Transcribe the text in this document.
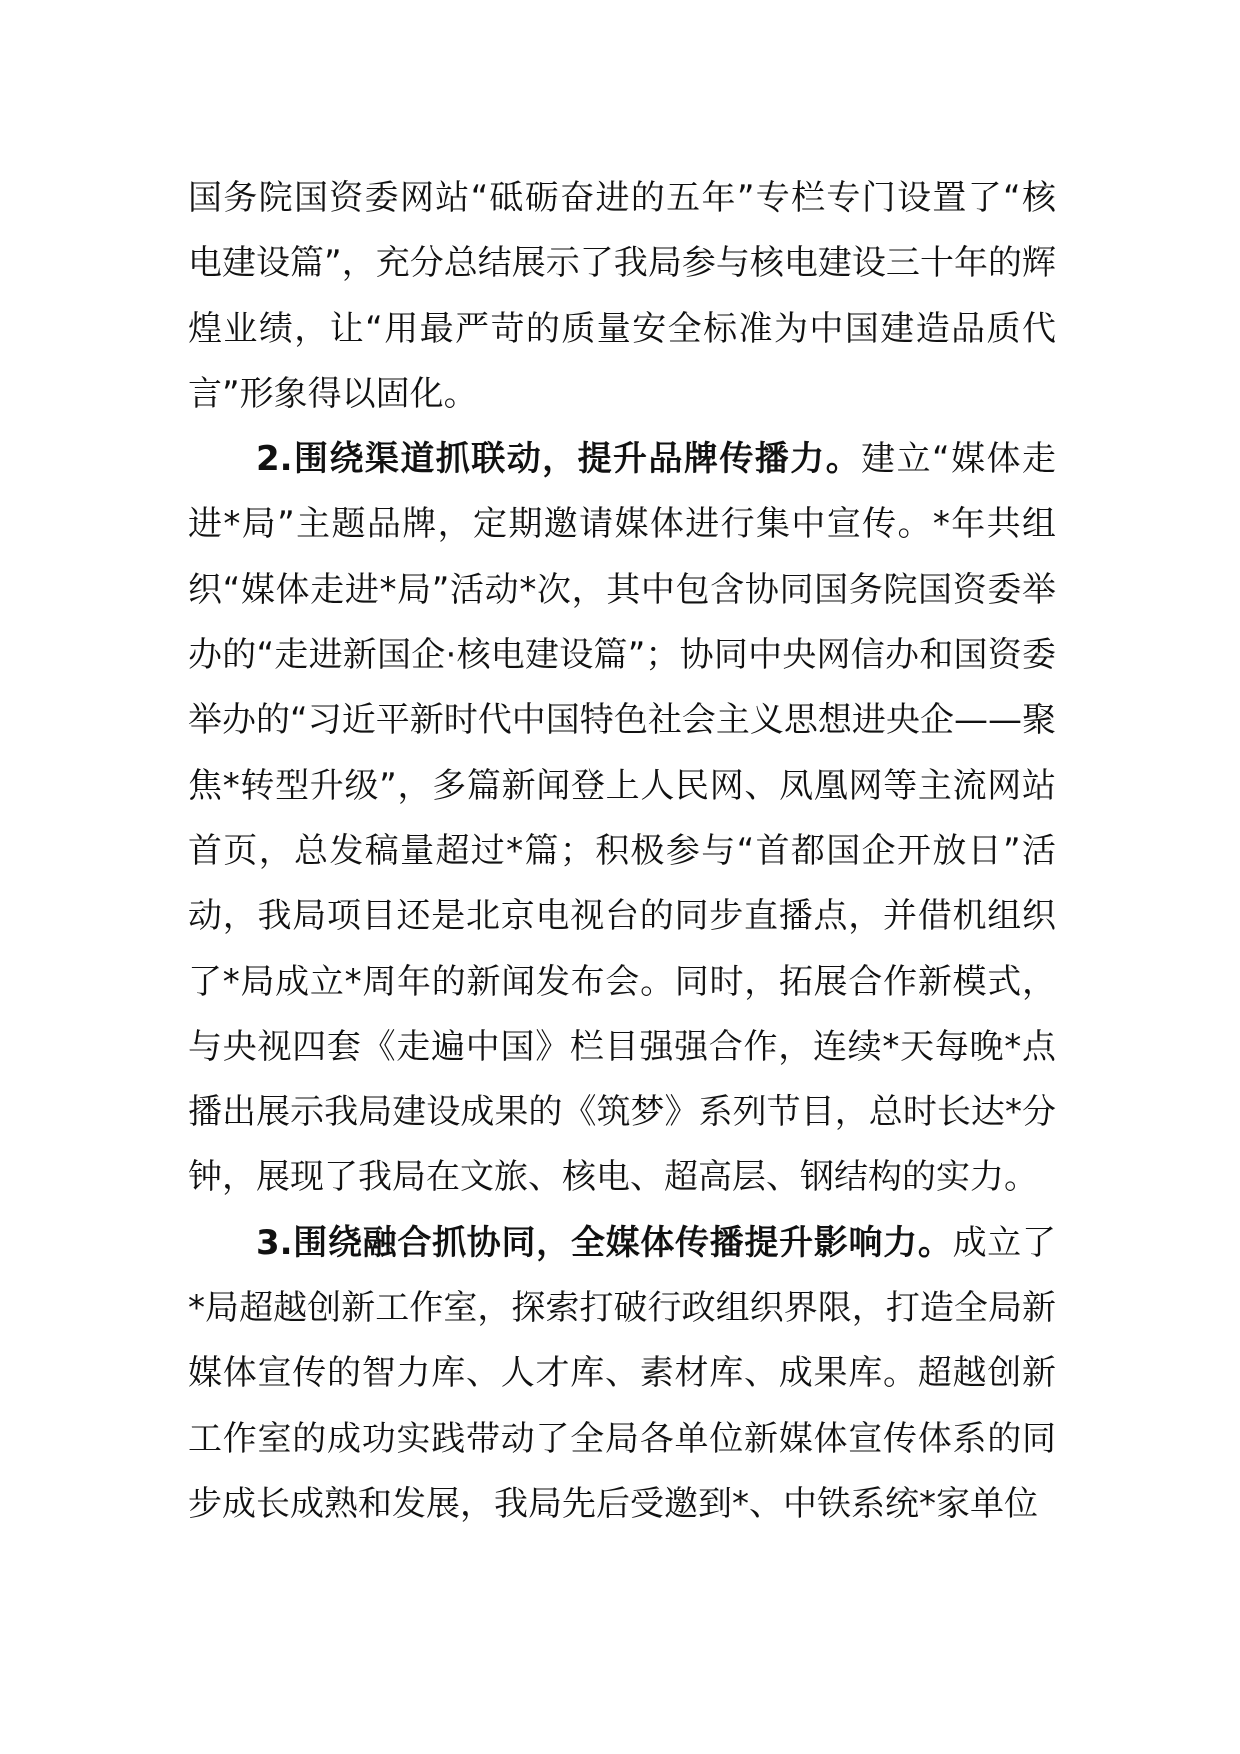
国务院国资委网站“砥砺奋进的五年”专栏专门设置了“核电建设篇”，充分总结展示了我局参与核电建设三十年的辉煌业绩，让“用最严苛的质量安全标准为中国建造品质代言”形象得以固化。

2.围绕渠道抓联动，提升品牌传播力。建立“媒体走进*局”主题品牌，定期邀请媒体进行集中宣传。*年共组织“媒体走进*局”活动*次，其中包含协同国务院国资委举办的“走进新国企·核电建设篇”；协同中央网信办和国资委举办的“习近平新时代中国特色社会主义思想进央企——聚焦*转型升级”，多篇新闻登上人民网、凤凰网等主流网站首页，总发稿量超过*篇；积极参与“首都国企开放日”活动，我局项目还是北京电视台的同步直播点，并借机组织了*局成立*周年的新闻发布会。同时，拓展合作新模式，与央视四套《走遍中国》栏目强强合作，连续*天每晚*点播出展示我局建设成果的《筑梦》系列节目，总时长达*分钟，展现了我局在文旅、核电、超高层、钢结构的实力。

3.围绕融合抓协同，全媒体传播提升影响力。成立了*局超越创新工作室，探索打破行政组织界限，打造全局新媒体宣传的智力库、人才库、素材库、成果库。超越创新工作室的成功实践带动了全局各单位新媒体宣传体系的同步成长成熟和发展，我局先后受邀到*、中铁系统*家单位
